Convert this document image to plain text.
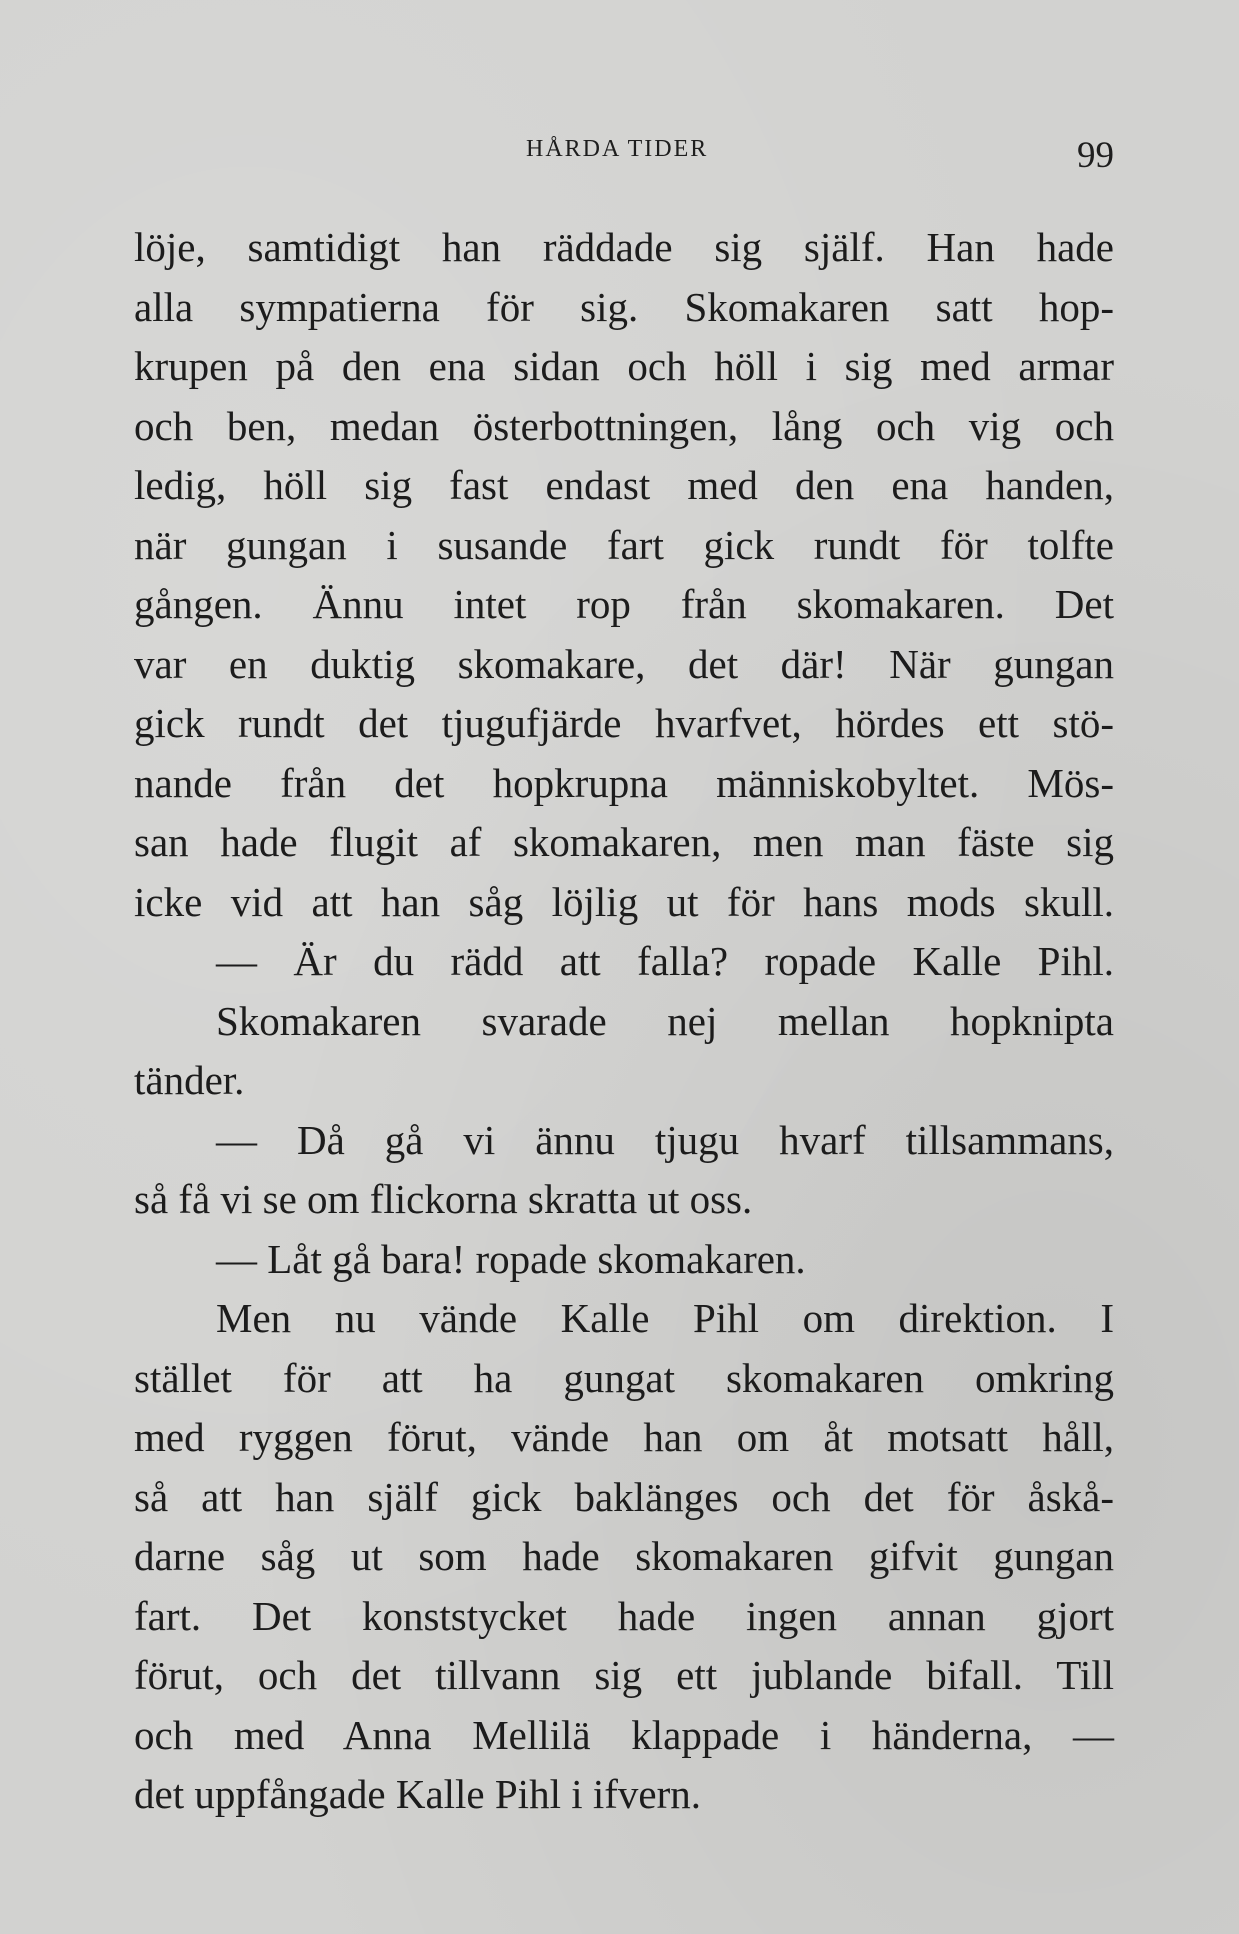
HÅRDA TIDER	99
löje, samtidigt han räddade sig själf. Han hade
alla sympatierna för sig. Skomakaren satt hop-
krupen på den ena sidan och höll i sig med armar
och ben, medan österbottningen, lång och vig och
ledig, höll sig fast endast med den ena handen,
när gungan i susande fart gick rundt för tolfte
gången. Ännu intet rop från skomakaren. Det
var en duktig skomakare, det där! När gungan
gick rundt det tjugufjärde hvarfvet, hördes ett stö-
nande från det hopkrupna människobyltet. Mös-
san hade flugit af skomakaren, men man fäste sig
icke vid att han såg löjlig ut för hans mods skull.
— Är du rädd att falla? ropade Kalle Pihl.
Skomakaren svarade nej mellan hopknipta
tänder.
— Då gå vi ännu tjugu hvarf tillsammans,
så få vi se om flickorna skratta ut oss.
— Låt gå bara! ropade skomakaren.
Men nu vände Kalle Pihl om direktion. I
stället för att ha gungat skomakaren omkring
med ryggen förut, vände han om åt motsatt håll,
så att han själf gick baklänges och det för åskå-
darne såg ut som hade skomakaren gifvit gungan
fart. Det konststycket hade ingen annan gjort
förut, och det tillvann sig ett jublande bifall. Till
och med Anna Mellilä klappade i händerna, —
det uppfångade Kalle Pihl i ifvern.
